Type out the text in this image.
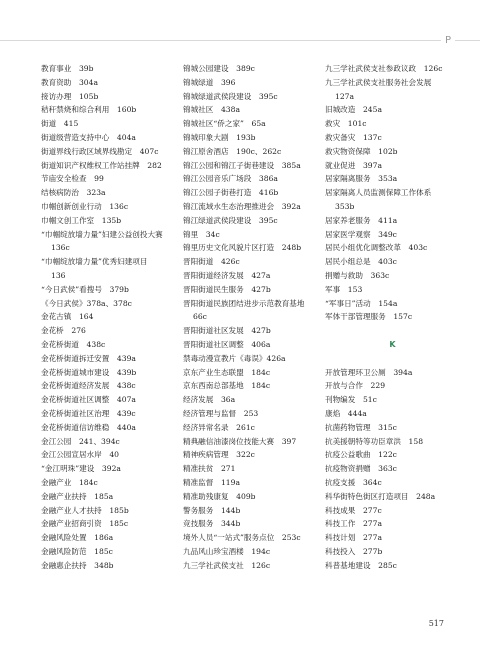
P
教育事业　39b
教育资助　304a
接访办理　105b
秸秆禁烧和综合利用　160b
街道　415
街道级营造支持中心　404a
街道界线行政区域界线勘定　407c
街道知识产权维权工作站挂牌　282
节庙安全检查　99
结核病防治　323a
巾帼创新创业行动　136c
巾帼文创工作室　135b
“巾帼绽放墙力量”妇建公益创投大赛
136c
“巾帼绽放墙力量”优秀妇建项目
136
“今日武侯”看搜号　379b
《今日武侯》378a、378c
金花古镇　164
金花桥　276
金花桥街道　438c
金花桥街道拆迁安置　439a
金花桥街道城市建设　439b
金花桥街道经济发展　438c
金花桥街道社区调整　407a
金花桥街道社区治理　439c
金花桥街道信访维稳　440a
金江公园　241、394c
金江公园宣居水岸　40
“金江明珠”建设　392a
金融产业　184c
金融产业扶持　185a
金融产业人才扶持　185b
金融产业招商引资　185c
金融风险处置　186a
金融风险防范　185c
金融惠企扶持　348b
锦城公园建设　389c
锦城绿道　396
锦城绿道武侯段建设　395c
锦城社区　438a
锦城社区“侨之家”　65a
锦城印象大剧　193b
锦江原舍酒店　190c、262c
锦江公园和锦江子街巷建设　385a
锦江公园音乐广场段　386a
锦江公园子街巷打造　416b
锦江流域水生态治理推进会　392a
锦江绿道武侯段建设　395c
锦里　34c
锦里历史文化风貌片区打造　248b
晋阳街道　426c
晋阳街道经济发展　427a
晋阳街道民生服务　427b
晋阳街道民族团结进步示范教育基地
66c
晋阳街道社区发展　427b
晋阳街道社区调整　406a
禁毒动漫宣教片《毒误》426a
京东产业生态联盟　184c
京东西南总部基地　184c
经济发展　36a
经济管理与监督　253
经济异常名录　261c
精典融信油漆岗位技能大赛　397
精神疾病管理　322c
精准扶贫　271
精准监督　119a
精准助残康复　409b
警务服务　144b
竞技服务　344b
境外人员“一站式”服务点位　253c
九品风山珍宝酒楼　194c
九三学社武侯支社　126c
九三学社武侯支社参政议政　126c
九三学社武侯支社服务社会发展
127a
旧城改造　245a
救灾　101c
救灾备灾　137c
救灾物资保障　102b
就业促进　397a
居家隔离服务　353a
居家隔离人员监测保障工作体系
353b
居家养老服务　411a
居家医学观察　349c
居民小组优化调整改革　403c
居民小组总是　403c
捐赠与救助　363c
军事　153
“军事日”活动　154a
军体干部管理服务　157c
K
开放管理环卫公厕　394a
开放与合作　229
刊物编发　51c
康焰　444a
抗菌药物管理　315c
抗美援朝特等功臣章洪　158
抗疫公益歌曲　122c
抗疫物资捐赠　363c
抗疫支援　364c
科华街特色街区打造项目　248a
科技成果　277c
科技工作　277a
科技计划　277a
科技投入　277b
科普基地建设　285c
517
